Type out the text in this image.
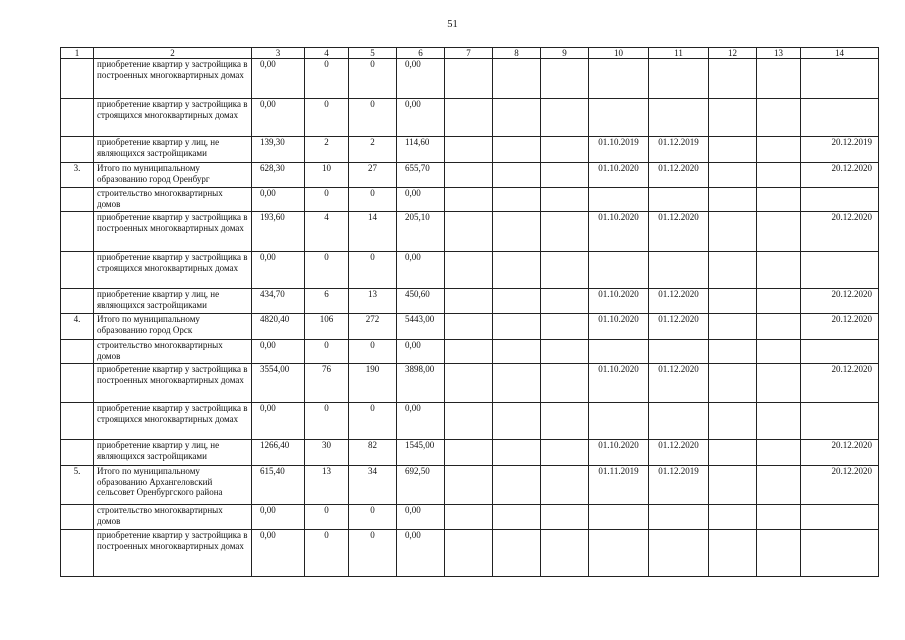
51
1	2	3	4	5	6	7	8	9	10	11	12	13	14
	приобретение квартир у застройщика в построенных многоквартирных домах	0,00	0	0	0,00								
	приобретение квартир у застройщика в строящихся многоквартирных домах	0,00	0	0	0,00								
	приобретение квартир у лиц, не являющихся застройщиками	139,30	2	2	114,60				01.10.2019	01.12.2019			20.12.2019
3.	Итого по муниципальному образованию город Оренбург	628,30	10	27	655,70				01.10.2020	01.12.2020			20.12.2020
	строительство многоквартирных домов	0,00	0	0	0,00								
	приобретение квартир у застройщика в построенных многоквартирных домах	193,60	4	14	205,10				01.10.2020	01.12.2020			20.12.2020
	приобретение квартир у застройщика в строящихся многоквартирных домах	0,00	0	0	0,00								
	приобретение квартир у лиц, не являющихся застройщиками	434,70	6	13	450,60				01.10.2020	01.12.2020			20.12.2020
4.	Итого по муниципальному образованию город Орск	4820,40	106	272	5443,00				01.10.2020	01.12.2020			20.12.2020
	строительство многоквартирных домов	0,00	0	0	0,00								
	приобретение квартир у застройщика в построенных многоквартирных домах	3554,00	76	190	3898,00				01.10.2020	01.12.2020			20.12.2020
	приобретение квартир у застройщика в строящихся многоквартирных домах	0,00	0	0	0,00								
	приобретение квартир у лиц, не являющихся застройщиками	1266,40	30	82	1545,00				01.10.2020	01.12.2020			20.12.2020
5.	Итого по муниципальному образованию Архангеловский сельсовет Оренбургского района	615,40	13	34	692,50				01.11.2019	01.12.2019			20.12.2020
	строительство многоквартирных домов	0,00	0	0	0,00								
	приобретение квартир у застройщика в построенных многоквартирных домах	0,00	0	0	0,00								
